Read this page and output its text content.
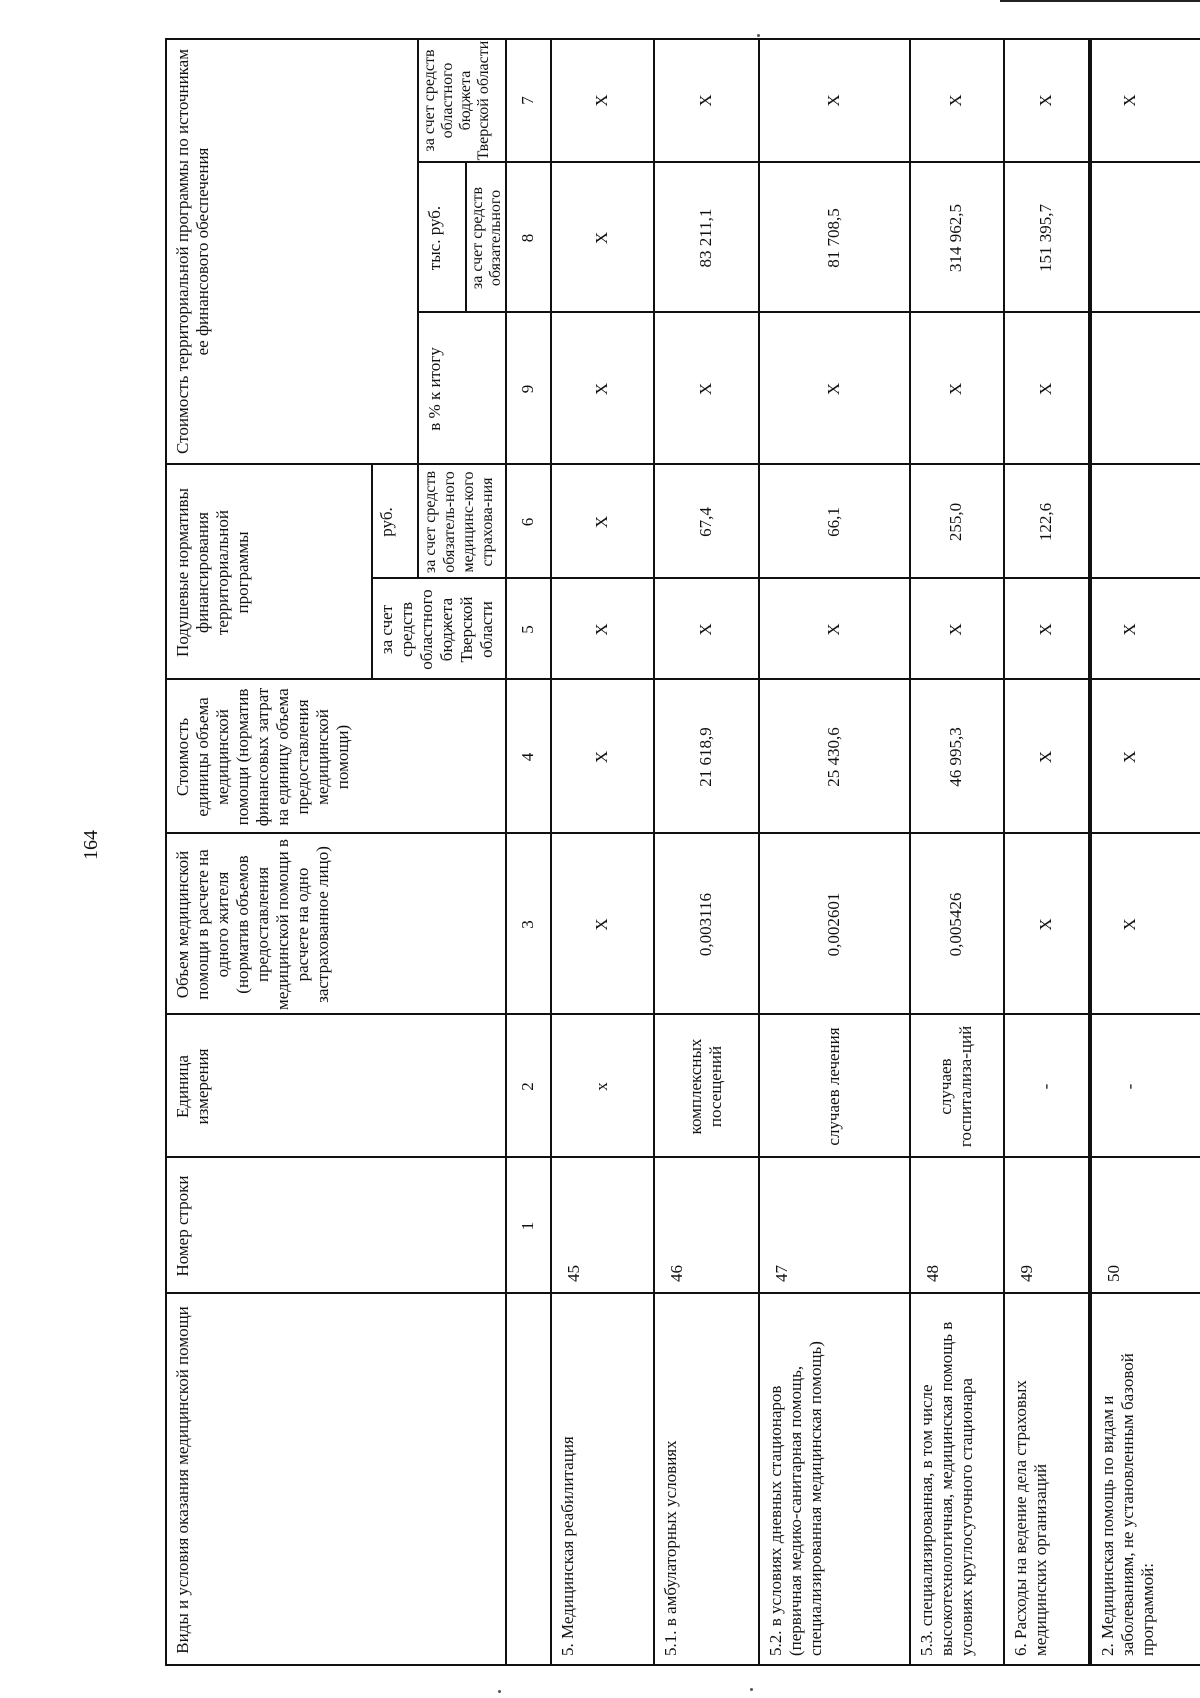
164
Виды и условия оказания медицинской помощи
Номер строки
Единица измерения
Объем медицинской помощи в расчете на одного жителя (норматив объемов предоставления медицинской помощи в расчете на одно застрахованное лицо)
Стоимость единицы объема медицинской помощи (норматив финансовых затрат на единицу объема предоставления медицинской помощи)
Подушевые нормативы финансирования территориальной программы
руб.
за счет средств областного бюджета Тверской области
за счет средств обязатель-ного медицинс-кого страхова-ния
Стоимость территориальной программы по источникам ее финансового обеспечения	тыс. руб.
в % к итогу
за счет средств обязательного
за счет средств областного бюджета Тверской области
1
2
3
4
5
6
7
8
9
5. Медицинская реабилитация
45
x
X
X
X
X
X
X
X
5.1. в амбулаторных условиях
46
комплексных посещений
0,003116
21 618,9
X
67,4
X
83 211,1
X
5.2. в условиях дневных стационаров (первичная медико-санитарная помощь, специализированная медицинская помощь)
47
случаев лечения
0,002601
25 430,6
X
66,1
X
81 708,5
X
5.3. специализированная, в том числе высокотехнологичная, медицинская помощь в условиях круглосуточного стационара
48
случаев госпитализа-ций
0,005426
46 995,3
X
255,0
X
314 962,5
X
6. Расходы на ведение дела страховых медицинских организаций
49
-
X
X
X
122,6
X
151 395,7
X
2. Медицинская помощь по видам и заболеваниям, не установленным базовой программой:
50
-
X
X
X
X
